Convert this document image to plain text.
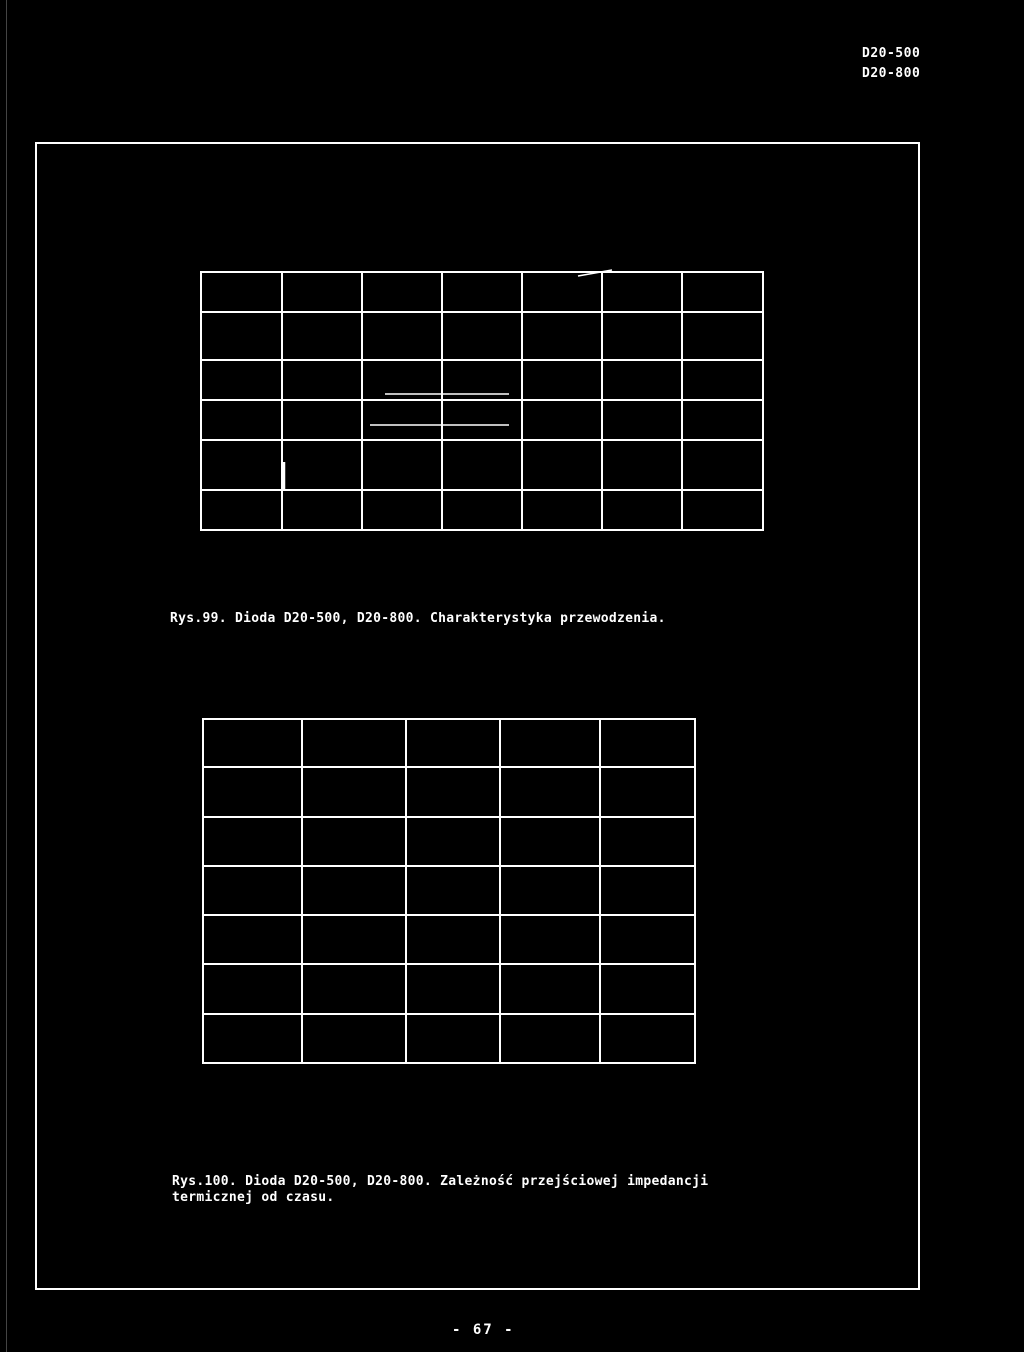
D20-500
D20-800
Rys.99. Dioda D20-500, D20-800. Charakterystyka przewodzenia.
Rys.100. Dioda D20-500, D20-800. Zależność przejściowej impedancji
termicznej od czasu.
- 67 -
